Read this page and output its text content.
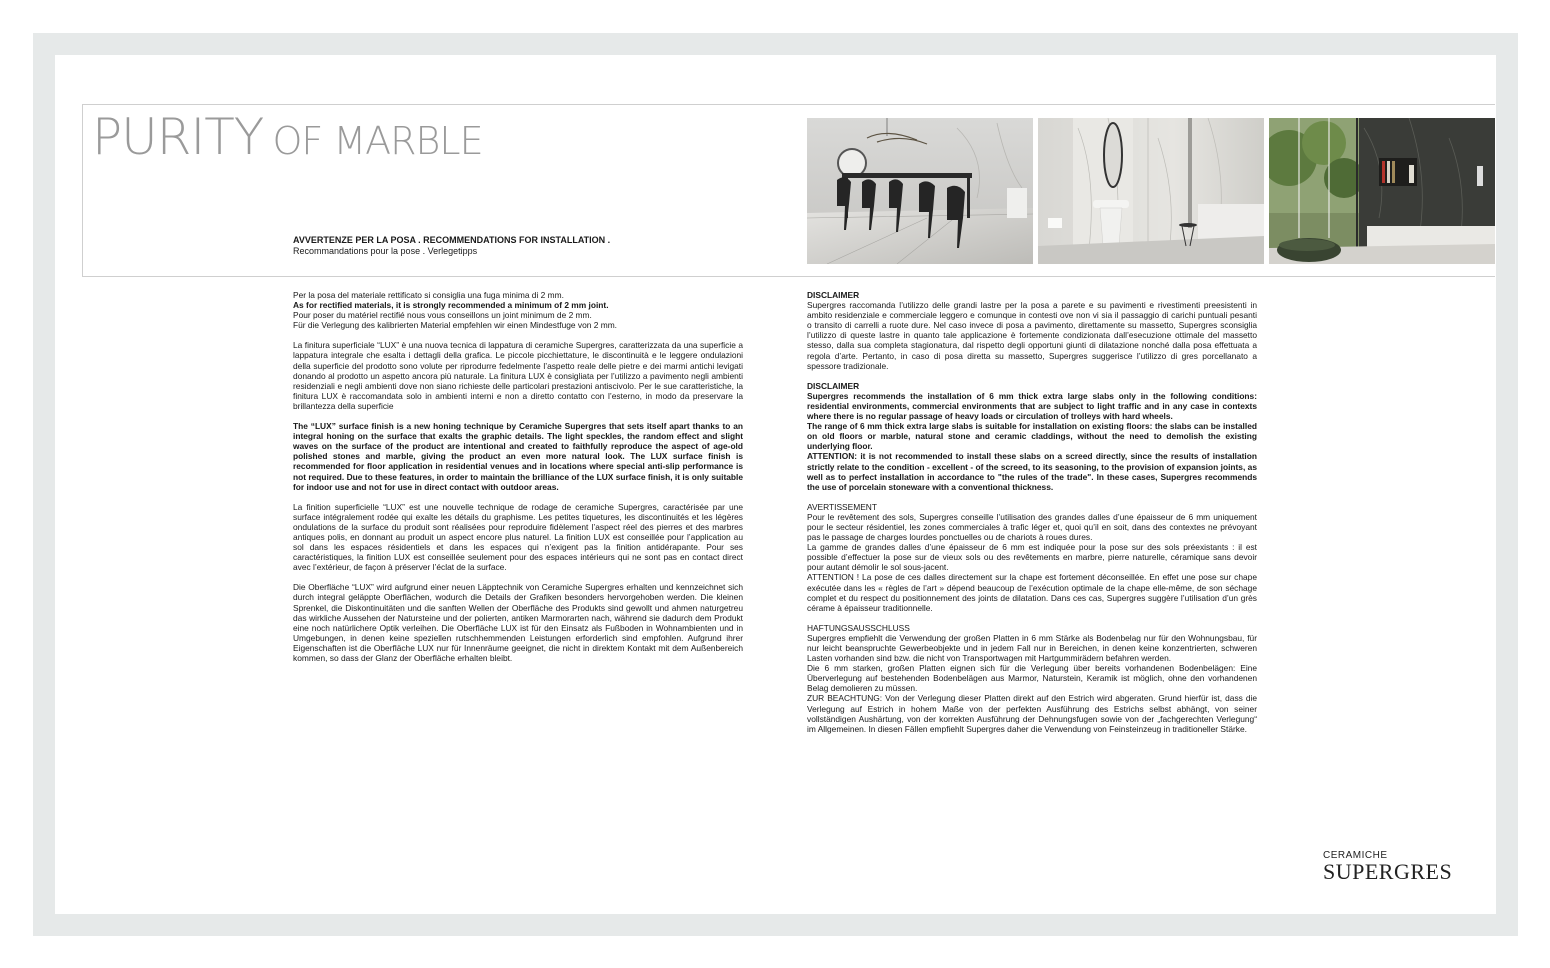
PURITY OF MARBLE
AVVERTENZE PER LA POSA . RECOMMENDATIONS FOR INSTALLATION .
Recommandations pour la pose . Verlegetipps

Per la posa del materiale rettificato si consiglia una fuga minima di 2 mm.
As for rectified materials, it is strongly recommended a minimum of 2 mm joint.
Pour poser du matériel rectifié nous vous conseillons un joint minimum de 2 mm.
Für die Verlegung des kalibrierten Material empfehlen wir einen Mindestfuge von 2 mm.

La finitura superficiale “LUX” è una nuova tecnica di lappatura di ceramiche Supergres, caratterizzata da una superficie a lappatura integrale che esalta i dettagli della grafica. Le piccole picchiettature, le discontinuità e le leggere ondulazioni della superficie del prodotto sono volute per riprodurre fedelmente l’aspetto reale delle pietre e dei marmi antichi levigati donando al prodotto un aspetto ancora più naturale. La finitura LUX è consigliata per l’utilizzo a pavimento negli ambienti residenziali e negli ambienti dove non siano richieste delle particolari prestazioni antiscivolo. Per le sue caratteristiche, la finitura LUX è raccomandata solo in ambienti interni e non a diretto contatto con l’esterno, in modo da preservare la brillantezza della superficie

The “LUX” surface finish is a new honing technique by Ceramiche Supergres that sets itself apart thanks to an integral honing on the surface that exalts the graphic details. The light speckles, the random effect and slight waves on the surface of the product are intentional and created to faithfully reproduce the aspect of age-old polished stones and marble, giving the product an even more natural look. The LUX surface finish is recommended for floor application in residential venues and in locations where special anti-slip performance is not required. Due to these features, in order to maintain the brilliance of the LUX surface finish, it is only suitable for indoor use and not for use in direct contact with outdoor areas.

La finition superficielle “LUX” est une nouvelle technique de rodage de ceramiche Supergres, caractérisée par une surface intégralement rodée qui exalte les détails du graphisme. Les petites tiquetures, les discontinuités et les légères ondulations de la surface du produit sont réalisées pour reproduire fidèlement l’aspect réel des pierres et des marbres antiques polis, en donnant au produit un aspect encore plus naturel. La finition LUX est conseillée pour l’application au sol dans les espaces résidentiels et dans les espaces qui n’exigent pas la finition antidérapante. Pour ses caractéristiques, la finition LUX est conseillée seulement pour des espaces intérieurs qui ne sont pas en contact direct avec l’extérieur, de façon à préserver l’éclat de la surface.

Die Oberfläche “LUX” wird aufgrund einer neuen Läpptechnik von Ceramiche Supergres erhalten und kennzeichnet sich durch integral geläppte Oberflächen, wodurch die Details der Grafiken besonders hervorgehoben werden. Die kleinen Sprenkel, die Diskontinuitäten und die sanften Wellen der Oberfläche des Produkts sind gewollt und ahmen naturgetreu das wirkliche Aussehen der Natursteine und der polierten, antiken Marmorarten nach, während sie dadurch dem Produkt eine noch natürlichere Optik verleihen. Die Oberfläche LUX ist für den Einsatz als Fußboden in Wohnambienten und in Umgebungen, in denen keine speziellen rutschhemmenden Leistungen erforderlich sind empfohlen. Aufgrund ihrer Eigenschaften ist die Oberfläche LUX nur für Innenräume geeignet, die nicht in direktem Kontakt mit dem Außenbereich kommen, so dass der Glanz der Oberfläche erhalten bleibt.

DISCLAIMER

Supergres raccomanda l’utilizzo delle grandi lastre per la posa a parete e su pavimenti e rivestimenti preesistenti in ambito residenziale e commerciale leggero e comunque in contesti ove non vi sia il passaggio di carichi puntuali pesanti o transito di carrelli a ruote dure. Nel caso invece di posa a pavimento, direttamente su massetto, Supergres sconsiglia l’utilizzo di queste lastre in quanto tale applicazione è fortemente condizionata dall’esecuzione ottimale del massetto stesso, dalla sua completa stagionatura, dal rispetto degli opportuni giunti di dilatazione nonché dalla posa effettuata a regola d’arte. Pertanto, in caso di posa diretta su massetto, Supergres suggerisce l’utilizzo di gres porcellanato a spessore tradizionale.

DISCLAIMER

Supergres recommends the installation of 6 mm thick extra large slabs only in the following conditions: residential environments, commercial environments that are subject to light traffic and in any case in contexts where there is no regular passage of heavy loads or circulation of trolleys with hard wheels.

The range of 6 mm thick extra large slabs is suitable for installation on existing floors: the slabs can be installed on old floors or marble, natural stone and ceramic claddings, without the need to demolish the existing underlying floor.

ATTENTION: it is not recommended to install these slabs on a screed directly, since the results of installation strictly relate to the condition - excellent - of the screed, to its seasoning, to the provision of expansion joints, as well as to perfect installation in accordance to "the rules of the trade". In these cases, Supergres recommends the use of porcelain stoneware with a conventional thickness.

AVERTISSEMENT

Pour le revêtement des sols, Supergres conseille l’utilisation des grandes dalles d’une épaisseur de 6 mm uniquement pour le secteur résidentiel, les zones commerciales à trafic léger et, quoi qu’il en soit, dans des contextes ne prévoyant pas le passage de charges lourdes ponctuelles ou de chariots à roues dures.

La gamme de grandes dalles d’une épaisseur de 6 mm est indiquée pour la pose sur des sols préexistants : il est possible d’effectuer la pose sur de vieux sols ou des revêtements en marbre, pierre naturelle, céramique sans devoir pour autant démolir le sol sous-jacent.

ATTENTION ! La pose de ces dalles directement sur la chape est fortement déconseillée. En effet une pose sur chape exécutée dans les « règles de l’art » dépend beaucoup de l’exécution optimale de la chape elle-même, de son séchage complet et du respect du positionnement des joints de dilatation. Dans ces cas, Supergres suggère l’utilisation d’un grès cérame à épaisseur traditionnelle.

HAFTUNGSAUSSCHLUSS

Supergres empfiehlt die Verwendung der großen Platten in 6 mm Stärke als Bodenbelag nur für den Wohnungsbau, für nur leicht beanspruchte Gewerbeobjekte und in jedem Fall nur in Bereichen, in denen keine konzentrierten, schweren Lasten vorhanden sind bzw. die nicht von Transportwagen mit Hartgummirädern befahren werden.

Die 6 mm starken, großen Platten eignen sich für die Verlegung über bereits vorhandenen Bodenbelägen: Eine Überverlegung auf bestehenden Bodenbelägen aus Marmor, Naturstein, Keramik ist möglich, ohne den vorhandenen Belag demolieren zu müssen.

ZUR BEACHTUNG: Von der Verlegung dieser Platten direkt auf den Estrich wird abgeraten. Grund hierfür ist, dass die Verlegung auf Estrich in hohem Maße von der perfekten Ausführung des Estrichs selbst abhängt, von seiner vollständigen Aushärtung, von der korrekten Ausführung der Dehnungsfugen sowie von der „fachgerechten Verlegung“ im Allgemeinen. In diesen Fällen empfiehlt Supergres daher die Verwendung von Feinsteinzeug in traditioneller Stärke.

CERAMICHE
SUPERGRES
